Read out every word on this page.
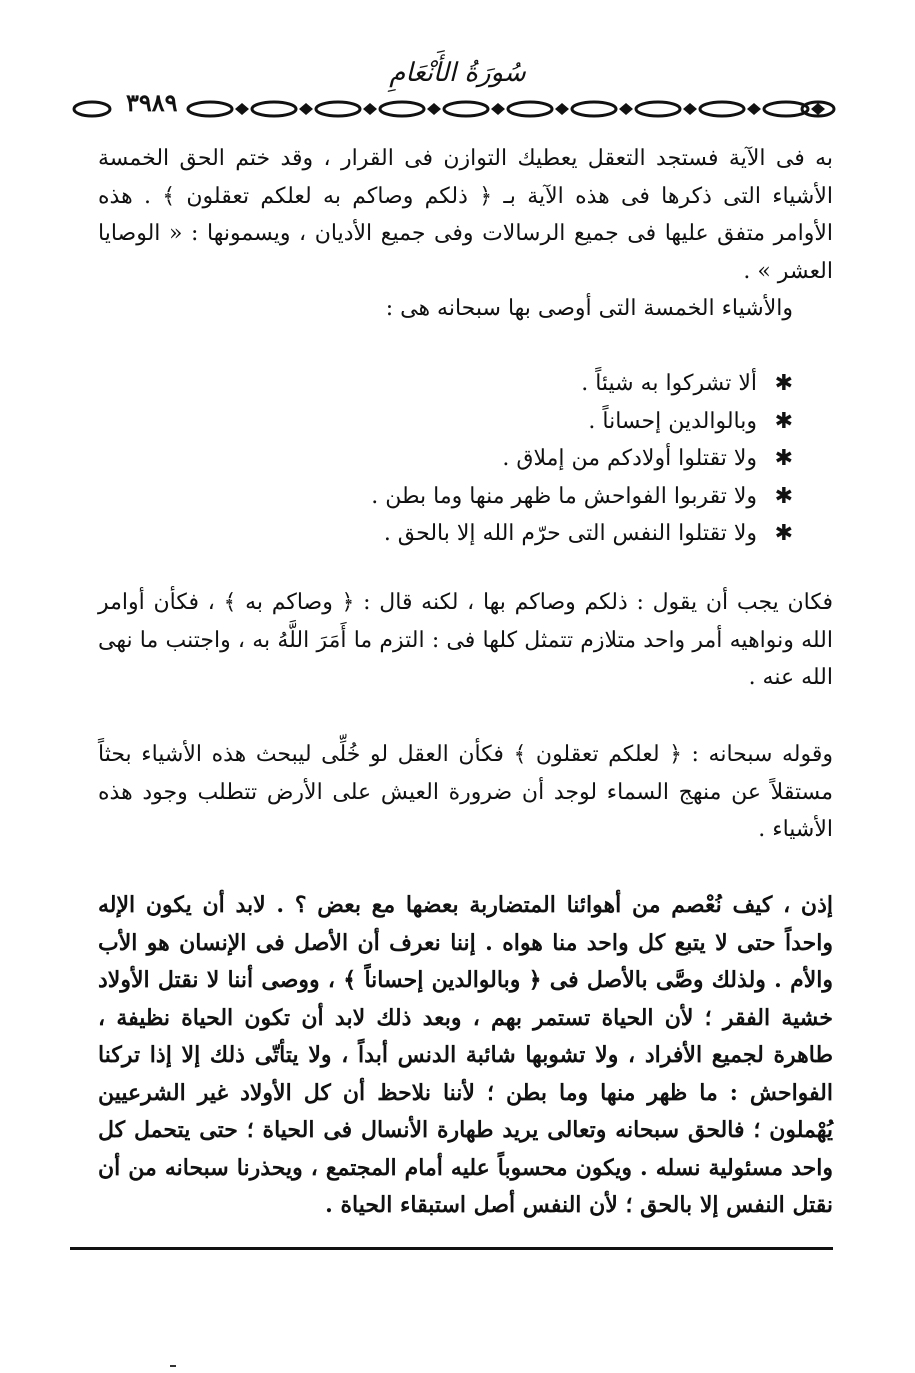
سُورَةُ الأَنْعَامِ
٣٩٨٩
به فى الآية فستجد التعقل يعطيك التوازن فى القرار ، وقد ختم الحق الخمسة الأشياء التى ذكرها فى هذه الآية بـ ﴿ ذلكم وصاكم به لعلكم تعقلون ﴾ . هذه الأوامر متفق عليها فى جميع الرسالات وفى جميع الأديان ، ويسمونها : « الوصايا العشر » .
والأشياء الخمسة التى أوصى بها سبحانه هى :
✱
ألا تشركوا به شيئاً .
✱
وبالوالدين إحساناً .
✱
ولا تقتلوا أولادكم من إملاق .
✱
ولا تقربوا الفواحش ما ظهر منها وما بطن .
✱
ولا تقتلوا النفس التى حرّم الله إلا بالحق .
فكان يجب أن يقول : ذلكم وصاكم بها ، لكنه قال : ﴿ وصاكم به ﴾ ، فكأن أوامر الله ونواهيه أمر واحد متلازم تتمثل كلها فى : التزم ما أَمَرَ اللَّهُ به ، واجتنب ما نهى الله عنه .
وقوله سبحانه : ﴿ لعلكم تعقلون ﴾ فكأن العقل لو خُلِّى ليبحث هذه الأشياء بحثاً مستقلاً عن منهج السماء لوجد أن ضرورة العيش على الأرض تتطلب وجود هذه الأشياء .
إذن ، كيف نُعْصم من أهوائنا المتضاربة بعضها مع بعض ؟ . لابد أن يكون الإله واحداً حتى لا يتبع كل واحد منا هواه . إننا نعرف أن الأصل فى الإنسان هو الأب والأم . ولذلك وصَّى بالأصل فى ﴿ وبالوالدين إحساناً ﴾ ، ووصى أننا لا نقتل الأولاد خشية الفقر ؛ لأن الحياة تستمر بهم ، وبعد ذلك لابد أن تكون الحياة نظيفة ، طاهرة لجميع الأفراد ، ولا تشوبها شائبة الدنس أبداً ، ولا يتأتّى ذلك إلا إذا تركنا الفواحش : ما ظهر منها وما بطن ؛ لأننا نلاحظ أن كل الأولاد غير الشرعيين يُهْملون ؛ فالحق سبحانه وتعالى يريد طهارة الأنسال فى الحياة ؛ حتى يتحمل كل واحد مسئولية نسله . ويكون محسوباً عليه أمام المجتمع ، ويحذرنا سبحانه من أن نقتل النفس إلا بالحق ؛ لأن النفس أصل استبقاء الحياة .
